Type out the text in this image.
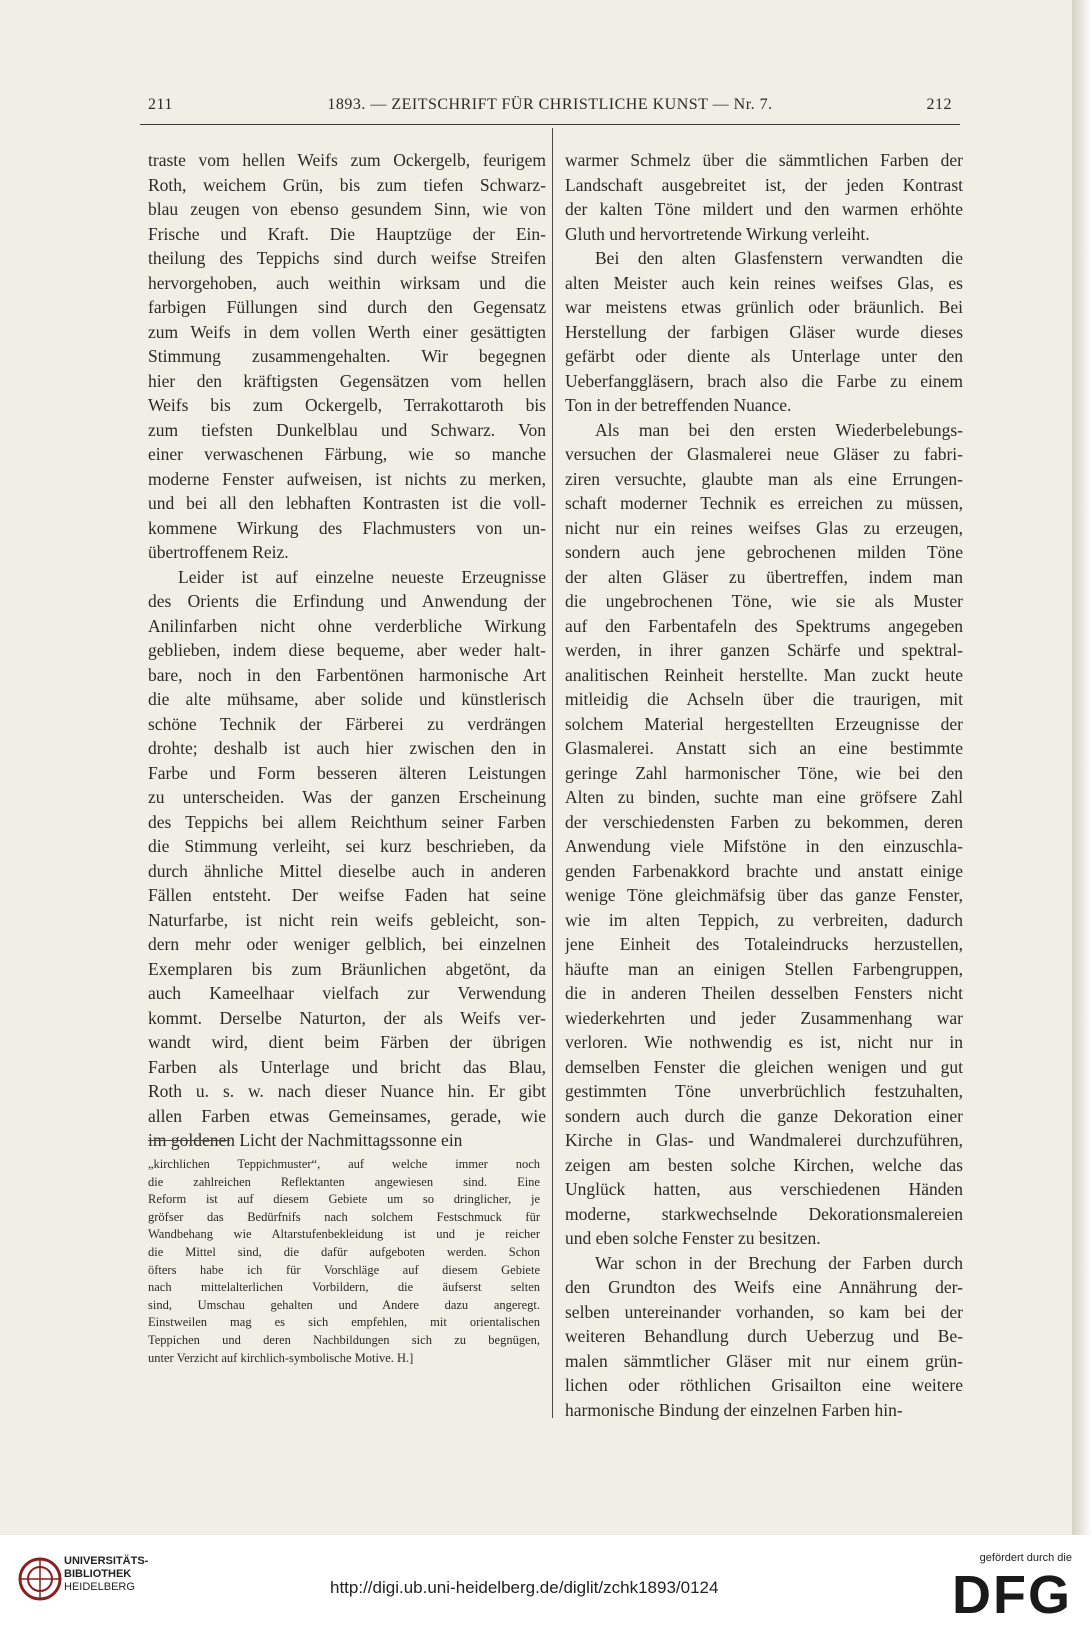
211	1893. — ZEITSCHRIFT FÜR CHRISTLICHE KUNST — Nr. 7.	212
traste vom hellen Weifs zum Ockergelb, feurigem
Roth, weichem Grün, bis zum tiefen Schwarz-
blau zeugen von ebenso gesundem Sinn, wie von
Frische und Kraft. Die Hauptzüge der Ein-
theilung des Teppichs sind durch weifse Streifen
hervorgehoben, auch weithin wirksam und die
farbigen Füllungen sind durch den Gegensatz
zum Weifs in dem vollen Werth einer gesättigten
Stimmung zusammengehalten. Wir begegnen
hier den kräftigsten Gegensätzen vom hellen
Weifs bis zum Ockergelb, Terrakottaroth bis
zum tiefsten Dunkelblau und Schwarz. Von
einer verwaschenen Färbung, wie so manche
moderne Fenster aufweisen, ist nichts zu merken,
und bei all den lebhaften Kontrasten ist die voll-
kommene Wirkung des Flachmusters von un-
übertroffenem Reiz.
Leider ist auf einzelne neueste Erzeugnisse
des Orients die Erfindung und Anwendung der
Anilinfarben nicht ohne verderbliche Wirkung
geblieben, indem diese bequeme, aber weder halt-
bare, noch in den Farbentönen harmonische Art
die alte mühsame, aber solide und künstlerisch
schöne Technik der Färberei zu verdrängen
drohte; deshalb ist auch hier zwischen den in
Farbe und Form besseren älteren Leistungen
zu unterscheiden. Was der ganzen Erscheinung
des Teppichs bei allem Reichthum seiner Farben
die Stimmung verleiht, sei kurz beschrieben, da
durch ähnliche Mittel dieselbe auch in anderen
Fällen entsteht. Der weifse Faden hat seine
Naturfarbe, ist nicht rein weifs gebleicht, son-
dern mehr oder weniger gelblich, bei einzelnen
Exemplaren bis zum Bräunlichen abgetönt, da
auch Kameelhaar vielfach zur Verwendung
kommt. Derselbe Naturton, der als Weifs ver-
wandt wird, dient beim Färben der übrigen
Farben als Unterlage und bricht das Blau,
Roth u. s. w. nach dieser Nuance hin. Er gibt
allen Farben etwas Gemeinsames, gerade, wie
im goldenen Licht der Nachmittagssonne ein
„kirchlichen Teppichmuster“, auf welche immer noch
die zahlreichen Reflektanten angewiesen sind. Eine
Reform ist auf diesem Gebiete um so dringlicher, je
gröfser das Bedürfnifs nach solchem Festschmuck für
Wandbehang wie Altarstufenbekleidung ist und je reicher
die Mittel sind, die dafür aufgeboten werden. Schon
öfters habe ich für Vorschläge auf diesem Gebiete
nach mittelalterlichen Vorbildern, die äufserst selten
sind, Umschau gehalten und Andere dazu angeregt.
Einstweilen mag es sich empfehlen, mit orientalischen
Teppichen und deren Nachbildungen sich zu begnügen,
unter Verzicht auf kirchlich-symbolische Motive. H.]
warmer Schmelz über die sämmtlichen Farben der
Landschaft ausgebreitet ist, der jeden Kontrast
der kalten Töne mildert und den warmen erhöhte
Gluth und hervortretende Wirkung verleiht.
Bei den alten Glasfenstern verwandten die
alten Meister auch kein reines weifses Glas, es
war meistens etwas grünlich oder bräunlich. Bei
Herstellung der farbigen Gläser wurde dieses
gefärbt oder diente als Unterlage unter den
Ueberfanggläsern, brach also die Farbe zu einem
Ton in der betreffenden Nuance.
Als man bei den ersten Wiederbelebungs-
versuchen der Glasmalerei neue Gläser zu fabri-
ziren versuchte, glaubte man als eine Errungen-
schaft moderner Technik es erreichen zu müssen,
nicht nur ein reines weifses Glas zu erzeugen,
sondern auch jene gebrochenen milden Töne
der alten Gläser zu übertreffen, indem man
die ungebrochenen Töne, wie sie als Muster
auf den Farbentafeln des Spektrums angegeben
werden, in ihrer ganzen Schärfe und spektral-
analitischen Reinheit herstellte. Man zuckt heute
mitleidig die Achseln über die traurigen, mit
solchem Material hergestellten Erzeugnisse der
Glasmalerei. Anstatt sich an eine bestimmte
geringe Zahl harmonischer Töne, wie bei den
Alten zu binden, suchte man eine gröfsere Zahl
der verschiedensten Farben zu bekommen, deren
Anwendung viele Mifstöne in den einzuschla-
genden Farbenakkord brachte und anstatt einige
wenige Töne gleichmäfsig über das ganze Fenster,
wie im alten Teppich, zu verbreiten, dadurch
jene Einheit des Totaleindrucks herzustellen,
häufte man an einigen Stellen Farbengruppen,
die in anderen Theilen desselben Fensters nicht
wiederkehrten und jeder Zusammenhang war
verloren. Wie nothwendig es ist, nicht nur in
demselben Fenster die gleichen wenigen und gut
gestimmten Töne unverbrüchlich festzuhalten,
sondern auch durch die ganze Dekoration einer
Kirche in Glas- und Wandmalerei durchzuführen,
zeigen am besten solche Kirchen, welche das
Unglück hatten, aus verschiedenen Händen
moderne, starkwechselnde Dekorationsmalereien
und eben solche Fenster zu besitzen.
War schon in der Brechung der Farben durch
den Grundton des Weifs eine Annährung der-
selben untereinander vorhanden, so kam bei der
weiteren Behandlung durch Ueberzug und Be-
malen sämmtlicher Gläser mit nur einem grün-
lichen oder röthlichen Grisailton eine weitere
harmonische Bindung der einzelnen Farben hin-
UNIVERSITÄTS-
BIBLIOTHEK
HEIDELBERG	http://digi.ub.uni-heidelberg.de/diglit/zchk1893/0124
gefördert durch die
DFG
